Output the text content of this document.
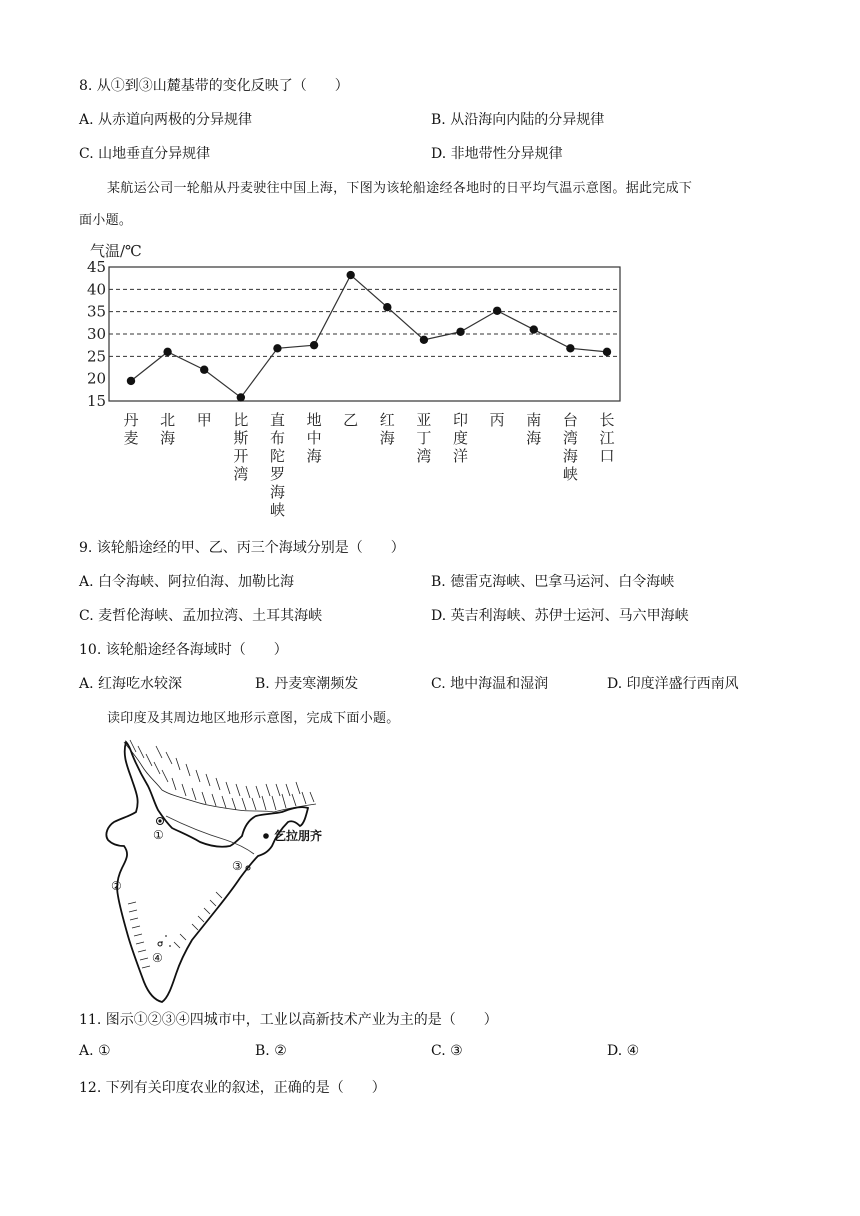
8. 从①到③山麓基带的变化反映了（　　）
A. 从赤道向两极的分异规律	B. 从沿海向内陆的分异规律
C. 山地垂直分异规律	D. 非地带性分异规律
某航运公司一轮船从丹麦驶往中国上海，下图为该轮船途经各地时的日平均气温示意图。据此完成下
面小题。
气温/℃
45
40
35
30
25
20
15
丹麦
北海
甲 比斯开湾
直布陀罗海峡
地中海
乙 红海
亚丁湾
印度洋
丙 南海
台湾海峡
长江口
9. 该轮船途经的甲、乙、丙三个海域分别是（　　）
A. 白令海峡、阿拉伯海、加勒比海	B. 德雷克海峡、巴拿马运河、白令海峡
C. 麦哲伦海峡、孟加拉湾、土耳其海峡	D. 英吉利海峡、苏伊士运河、马六甲海峡
10. 该轮船途经各海域时（　　）
A. 红海吃水较深	B. 丹麦寒潮频发	C. 地中海温和湿润	D. 印度洋盛行西南风
读印度及其周边地区地形示意图，完成下面小题。
①
②
③
④
乞拉朋齐
11. 图示①②③④四城市中，工业以高新技术产业为主的是（　　）
A. ①	B. ②	C. ③	D. ④
12. 下列有关印度农业的叙述，正确的是（　　）
